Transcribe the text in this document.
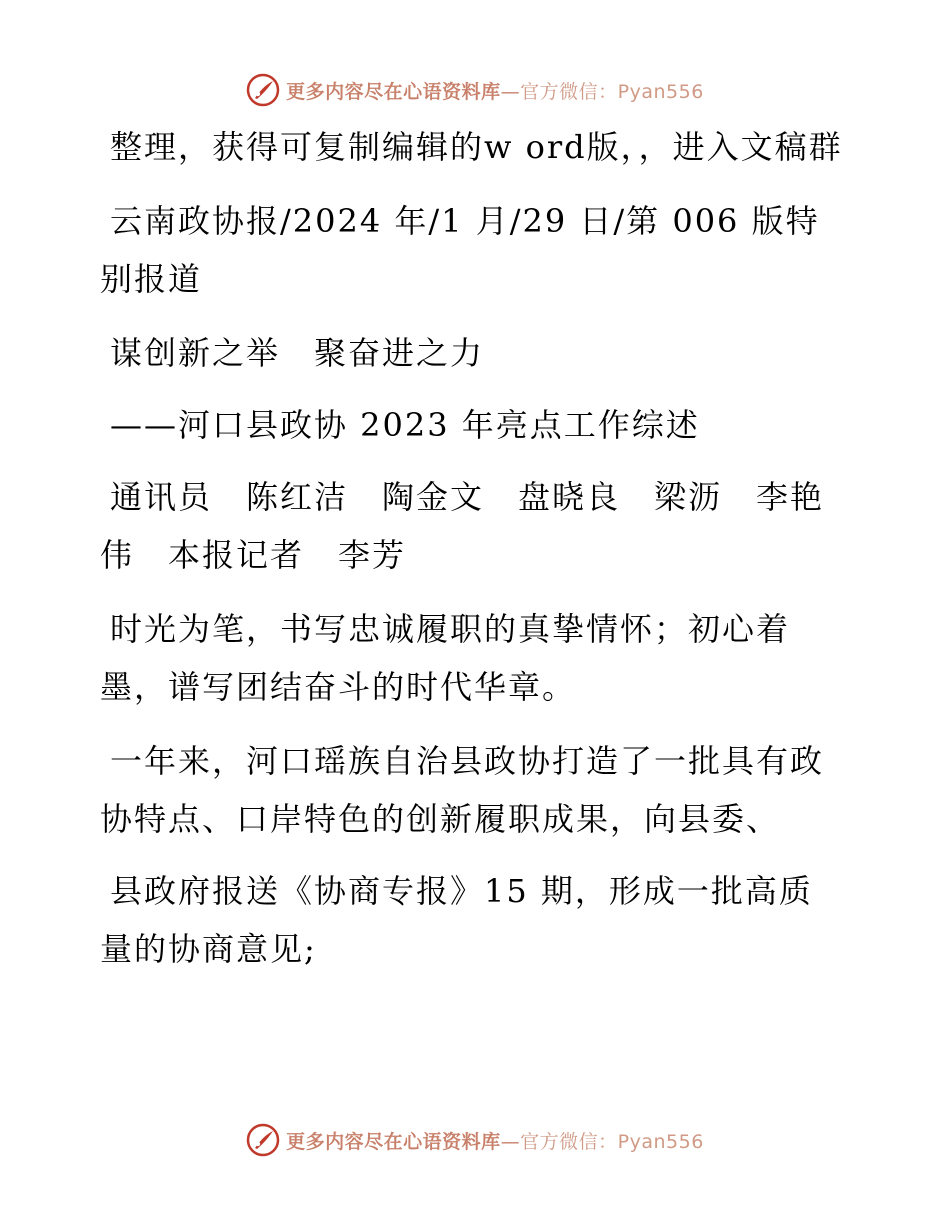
更多内容尽在心语资料库—官方微信：Pyan556

整理，获得可复制编辑的w ord版，，进入文稿群

云南政协报/2024 年/1 月/29 日/第 006 版特别报道

谋创新之举　聚奋进之力

——河口县政协 2023 年亮点工作综述

通讯员　陈红洁　陶金文　盘晓良　梁沥　李艳伟　本报记者　李芳

时光为笔，书写忠诚履职的真挚情怀；初心着墨，谱写团结奋斗的时代华章。

一年来，河口瑶族自治县政协打造了一批具有政协特点、口岸特色的创新履职成果，向县委、

县政府报送《协商专报》15 期，形成一批高质量的协商意见;

更多内容尽在心语资料库—官方微信：Pyan556
